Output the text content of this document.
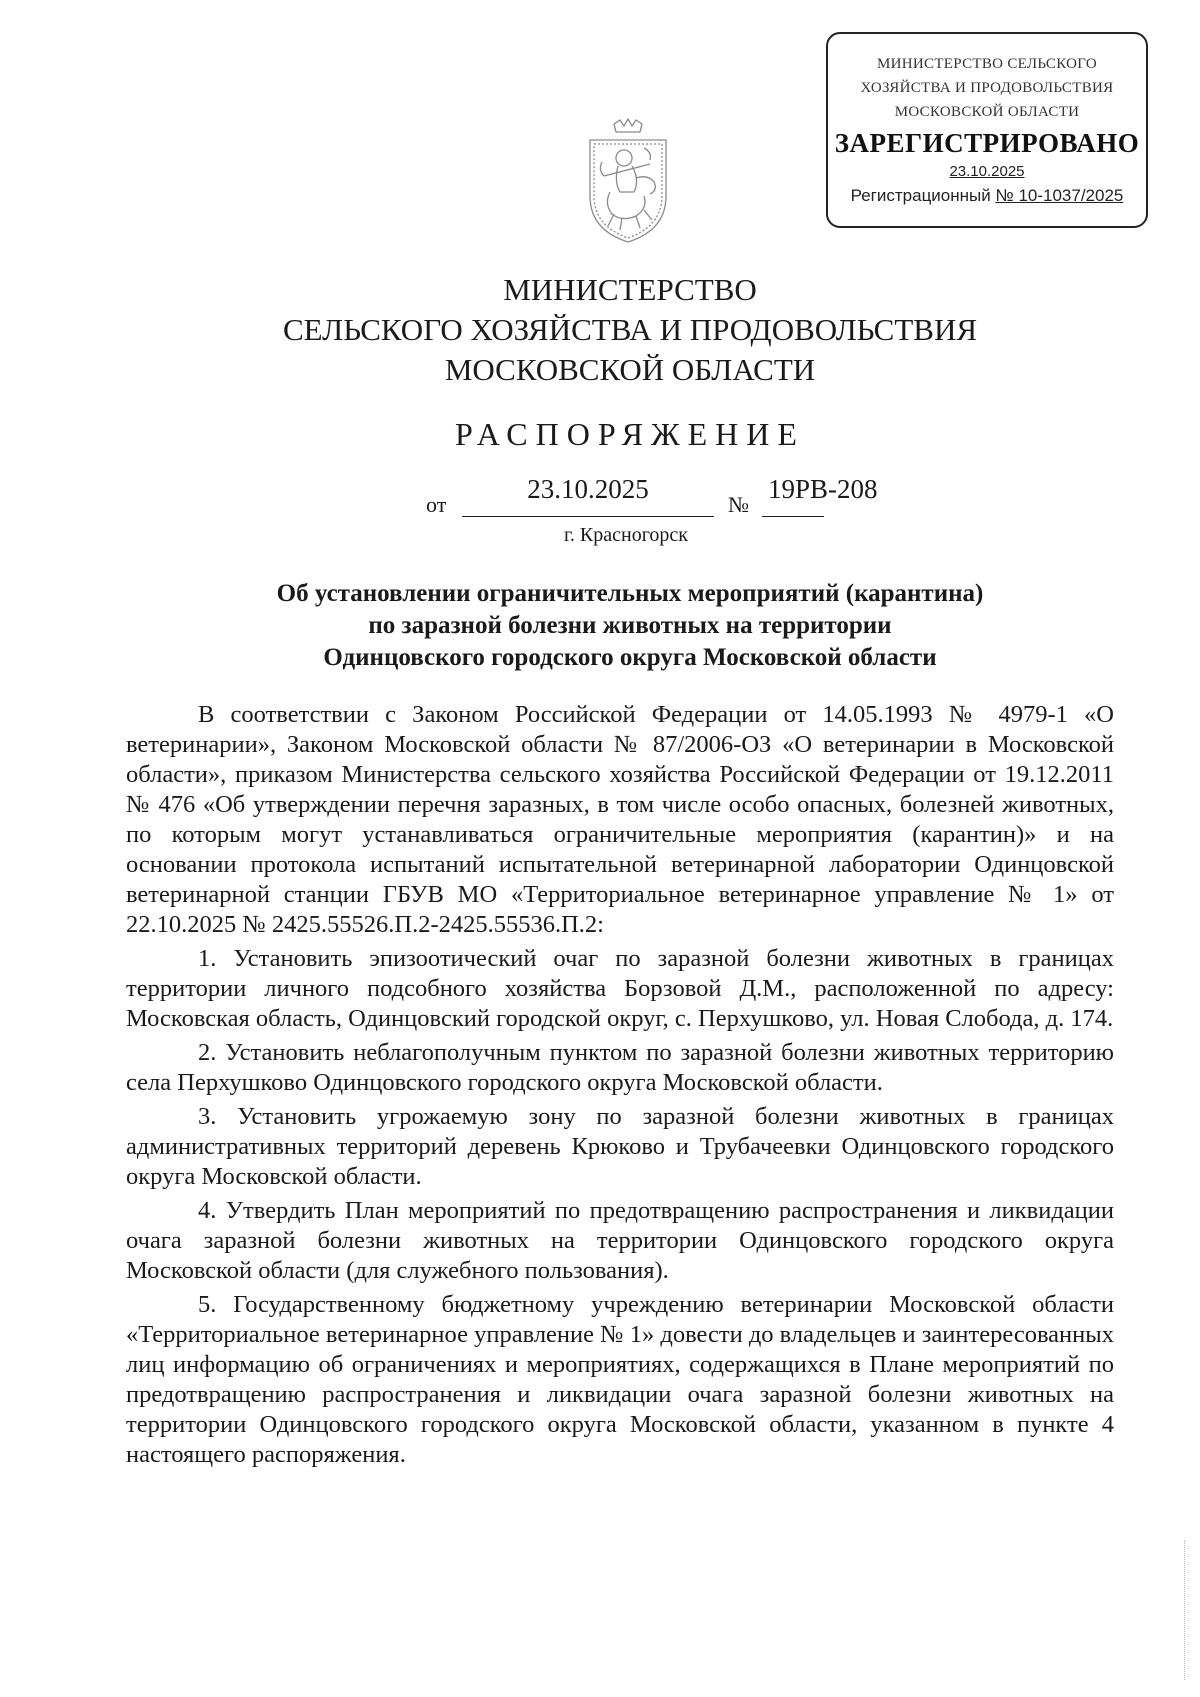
МИНИСТЕРСТВО СЕЛЬСКОГО
ХОЗЯЙСТВА И ПРОДОВОЛЬСТВИЯ
МОСКОВСКОЙ ОБЛАСТИ
ЗАРЕГИСТРИРОВАНО
23.10.2025
Регистрационный № 10-1037/2025
МИНИСТЕРСТВО
СЕЛЬСКОГО ХОЗЯЙСТВА И ПРОДОВОЛЬСТВИЯ
МОСКОВСКОЙ ОБЛАСТИ
РАСПОРЯЖЕНИЕ
от
23.10.2025
№
19РВ-208
г. Красногорск
Об установлении ограничительных мероприятий (карантина)
по заразной болезни животных на территории
Одинцовского городского округа Московской области

В соответствии с Законом Российской Федерации от 14.05.1993 № 4979-1 «О ветеринарии», Законом Московской области № 87/2006-ОЗ «О ветеринарии в Московской области», приказом Министерства сельского хозяйства Российской Федерации от 19.12.2011 № 476 «Об утверждении перечня заразных, в том числе особо опасных, болезней животных, по которым могут устанавливаться ограничительные мероприятия (карантин)» и на основании протокола испытаний испытательной ветеринарной лаборатории Одинцовской ветеринарной станции ГБУВ МО «Территориальное ветеринарное управление № 1» от 22.10.2025 № 2425.55526.П.2-2425.55536.П.2:

1. Установить эпизоотический очаг по заразной болезни животных в границах территории личного подсобного хозяйства Борзовой Д.М., расположенной по адресу: Московская область, Одинцовский городской округ, с. Перхушково, ул. Новая Слобода, д. 174.

2. Установить неблагополучным пунктом по заразной болезни животных территорию села Перхушково Одинцовского городского округа Московской области.

3. Установить угрожаемую зону по заразной болезни животных в границах административных территорий деревень Крюково и Трубачеевки Одинцовского городского округа Московской области.

4. Утвердить План мероприятий по предотвращению распространения и ликвидации очага заразной болезни животных на территории Одинцовского городского округа Московской области (для служебного пользования).

5. Государственному бюджетному учреждению ветеринарии Московской области «Территориальное ветеринарное управление № 1» довести до владельцев и заинтересованных лиц информацию об ограничениях и мероприятиях, содержащихся в Плане мероприятий по предотвращению распространения и ликвидации очага заразной болезни животных на территории Одинцовского городского округа Московской области, указанном в пункте 4 настоящего распоряжения.
